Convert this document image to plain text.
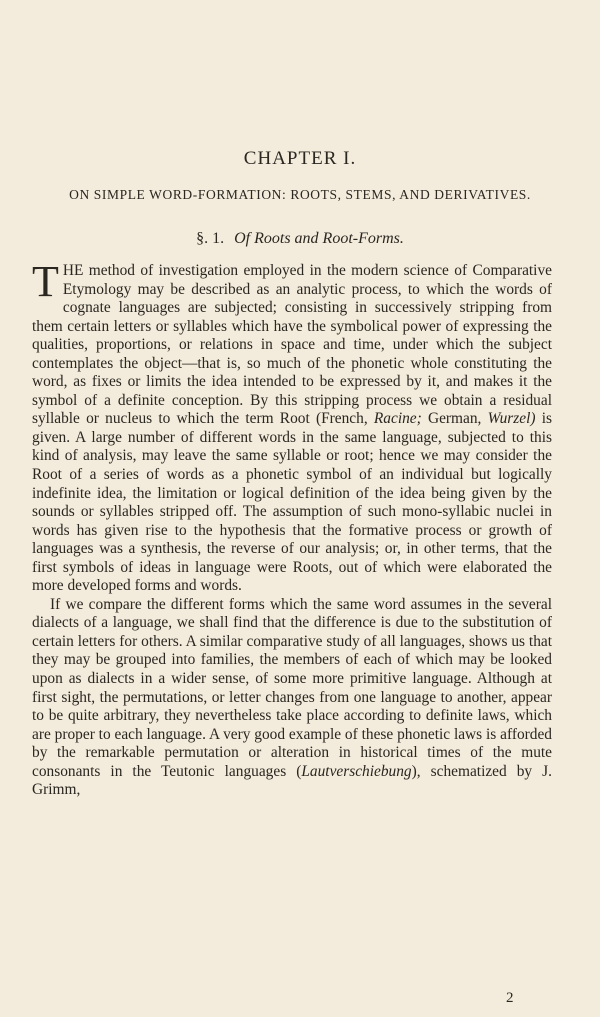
CHAPTER I.
ON SIMPLE WORD-FORMATION: ROOTS, STEMS, AND DERIVATIVES.
§. 1. Of Roots and Root-Forms.

THE method of investigation employed in the modern science of Comparative Etymology may be described as an analytic process, to which the words of cognate languages are subjected; consisting in successively stripping from them certain letters or syllables which have the symbolical power of expressing the qualities, proportions, or relations in space and time, under which the subject contemplates the object—that is, so much of the phonetic whole constituting the word, as fixes or limits the idea intended to be expressed by it, and makes it the symbol of a definite conception. By this stripping process we obtain a residual syllable or nucleus to which the term Root (French, Racine; German, Wurzel) is given. A large number of different words in the same language, subjected to this kind of analysis, may leave the same syllable or root; hence we may consider the Root of a series of words as a phonetic symbol of an individual but logically indefinite idea, the limitation or logical definition of the idea being given by the sounds or syllables stripped off. The assumption of such mono-syllabic nuclei in words has given rise to the hypothesis that the formative process or growth of languages was a synthesis, the reverse of our analysis; or, in other terms, that the first symbols of ideas in language were Roots, out of which were elaborated the more developed forms and words.

If we compare the different forms which the same word assumes in the several dialects of a language, we shall find that the difference is due to the substitution of certain letters for others. A similar comparative study of all languages, shows us that they may be grouped into families, the members of each of which may be looked upon as dialects in a wider sense, of some more primitive language. Although at first sight, the permutations, or letter changes from one language to another, appear to be quite arbitrary, they nevertheless take place according to definite laws, which are proper to each language. A very good example of these phonetic laws is afforded by the remarkable permutation or alteration in historical times of the mute consonants in the Teutonic languages (Lautverschiebung), schematized by J. Grimm,

2
